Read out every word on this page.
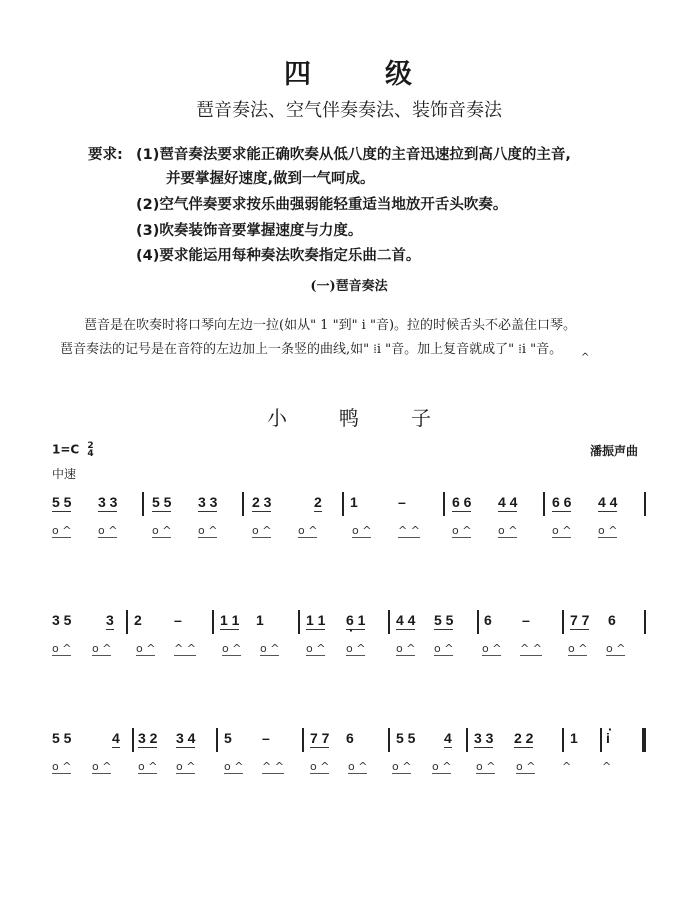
四	级
琶音奏法、空气伴奏奏法、装饰音奏法
要求: (1)琶音奏法要求能正确吹奏从低八度的主音迅速拉到高八度的主音,
并要掌握好速度,做到一气呵成。
(2)空气伴奏要求按乐曲强弱能轻重适当地放开舌头吹奏。
(3)吹奏装饰音要掌握速度与力度。
(4)要求能运用每种奏法吹奏指定乐曲二首。
(一)琶音奏法
琶音是在吹奏时将口琴向左边一拉(如从" 1 "到" i "音)。拉的时候舌头不必盖住口琴。
琶音奏法的记号是在音符的左边加上一条竖的曲线,如" ⁞i "音。加上复音就成了" ⁞i "音。
^
小	鸭	子
1=C 2
4
中速
潘振声曲
5 5 3 3 5 5 3 3 2 3	2 1	–	6 6 4 4 6 6 4 4
o ^ o ^	o ^ o ^	o ^ o ^	o ^ ^ ^	o ^ o ^	o ^ o ^
3 5 3 2 –	1 1 1	1 1 6 1 · 4 4 5 5 6 –	7 7 6
o ^ o ^ o ^ ^ ^ o ^ o ^ o ^ o ^	o ^ o ^	o ^ ^ ^ o ^ o ^
5 5	4 3 2 3 4 5 –	7 7 6	5 5 4 3 3 2 2	1 · i
o ^ o ^ o ^ o ^	o ^ ^ ^ o ^ o ^ o ^ o ^ o ^ o ^ ^	^
